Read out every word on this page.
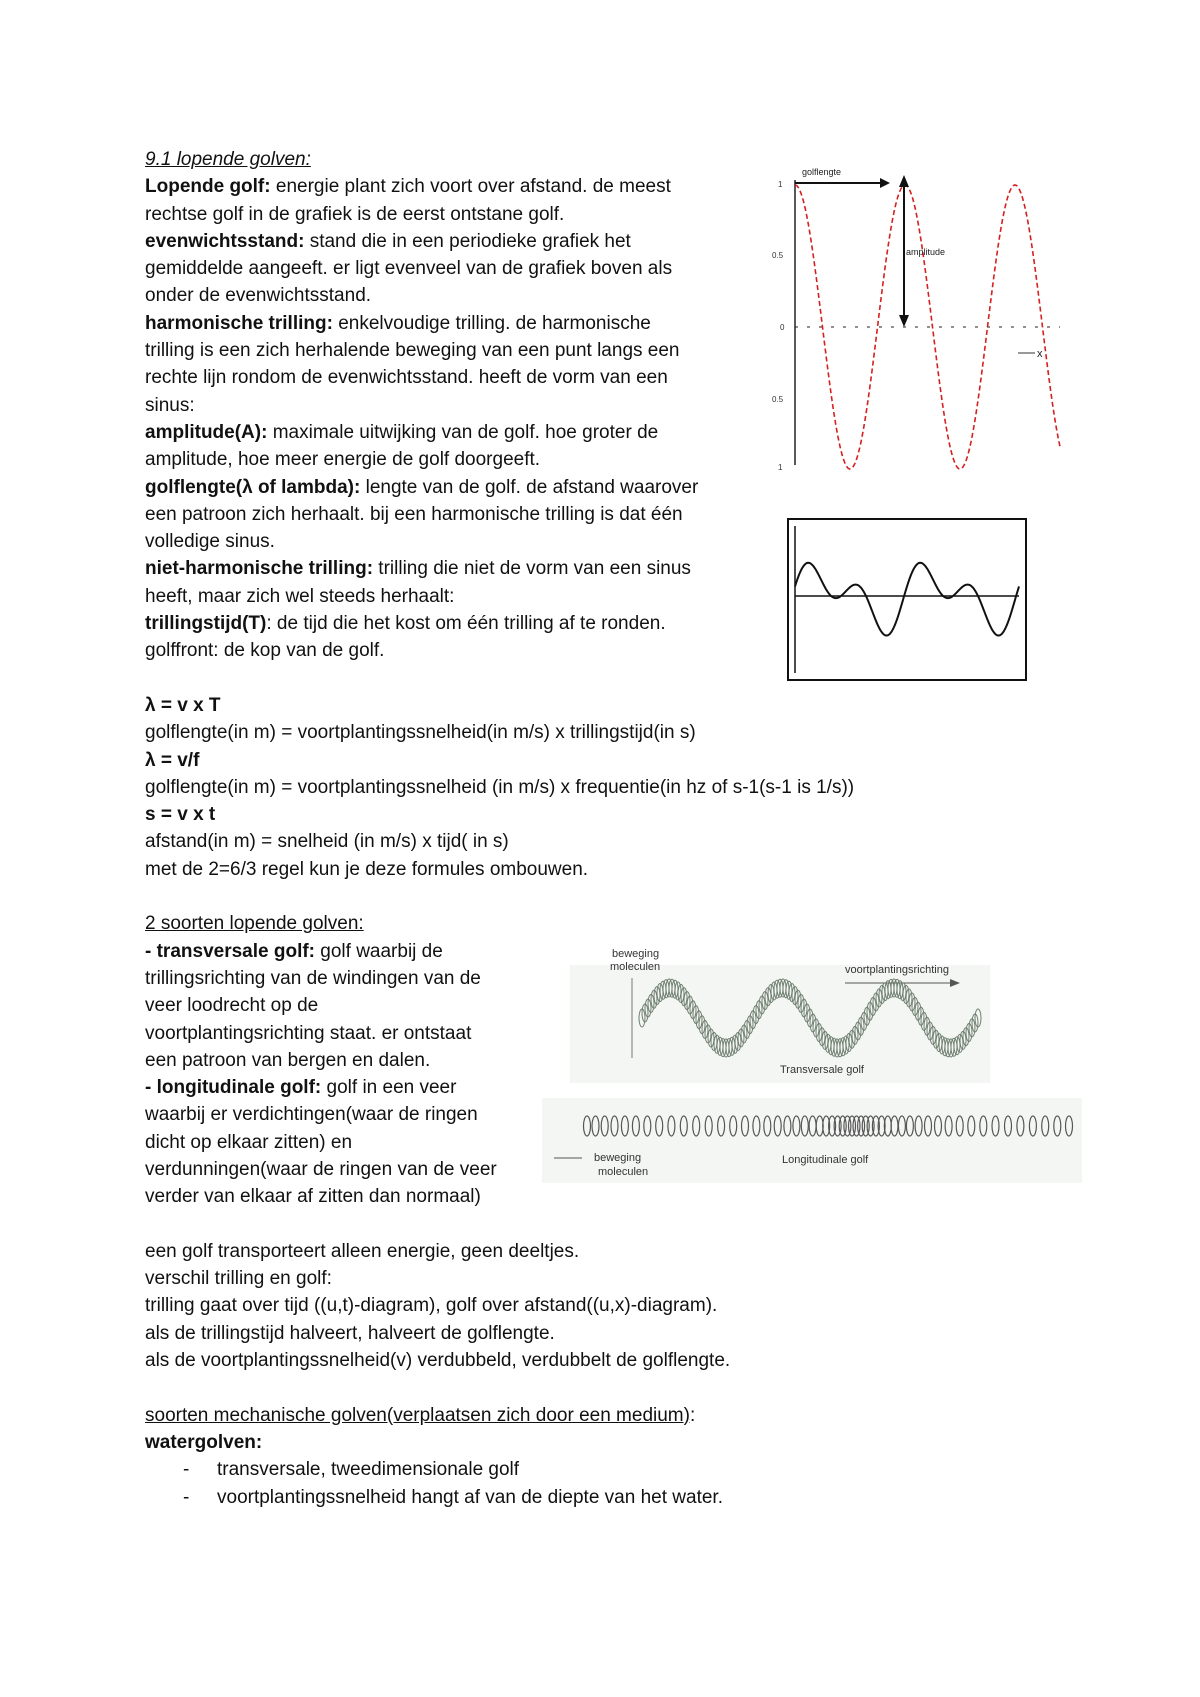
9.1 lopende golven:
Lopende golf: energie plant zich voort over afstand. de meest
rechtse golf in de grafiek is de eerst ontstane golf.
evenwichtsstand: stand die in een periodieke grafiek het
gemiddelde aangeeft. er ligt evenveel van de grafiek boven als
onder de evenwichtsstand.
harmonische trilling: enkelvoudige trilling. de harmonische
trilling is een zich herhalende beweging van een punt langs een
rechte lijn rondom de evenwichtsstand. heeft de vorm van een
sinus:
amplitude(A): maximale uitwijking van de golf. hoe groter de
amplitude, hoe meer energie de golf doorgeeft.
golflengte(λ of lambda): lengte van de golf. de afstand waarover
een patroon zich herhaalt. bij een harmonische trilling is dat één
volledige sinus.
niet-harmonische trilling: trilling die niet de vorm van een sinus
heeft, maar zich wel steeds herhaalt:
trillingstijd(T): de tijd die het kost om één trilling af te ronden.
golffront: de kop van de golf.
λ = v x T
golflengte(in m) = voortplantingssnelheid(in m/s) x trillingstijd(in s)
λ = v/f
golflengte(in m) = voortplantingssnelheid (in m/s) x frequentie(in hz of s-1(s-1 is 1/s))
s = v x t
afstand(in m) = snelheid (in m/s) x tijd( in s)
met de 2=6/3 regel kun je deze formules ombouwen.
2 soorten lopende golven:
- transversale golf: golf waarbij de
trillingsrichting van de windingen van de
veer loodrecht op de
voortplantingsrichting staat. er ontstaat
een patroon van bergen en dalen.
- longitudinale golf: golf in een veer
waarbij er verdichtingen(waar de ringen
dicht op elkaar zitten) en
verdunningen(waar de ringen van de veer
verder van elkaar af zitten dan normaal)
een golf transporteert alleen energie, geen deeltjes.
verschil trilling en golf:
trilling gaat over tijd ((u,t)-diagram), golf over afstand((u,x)-diagram).
als de trillingstijd halveert, halveert de golflengte.
als de voortplantingssnelheid(v) verdubbeld, verdubbelt de golflengte.
soorten mechanische golven(verplaatsen zich door een medium):
watergolven:
- transversale, tweedimensionale golf
- voortplantingssnelheid hangt af van de diepte van het water.
1
0.5
0
0.5
1
golflengte
amplitude
x
beweging
moleculen	voortplantingsrichting
Transversale golf
beweging
moleculen
Longitudinale golf
